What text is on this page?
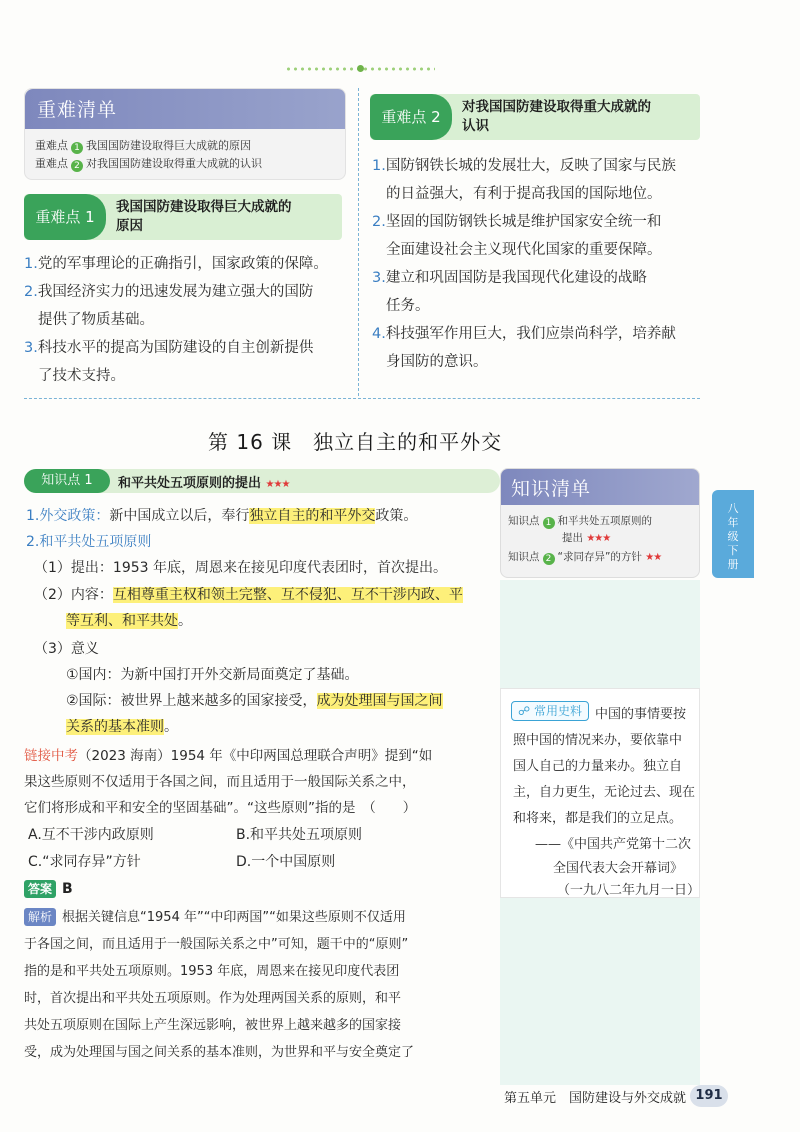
重难清单
重难点 1 我国国防建设取得巨大成就的原因
重难点 2 对我国国防建设取得重大成就的认识
重难点 1
我国国防建设取得巨大成就的
原因
1.党的军事理论的正确指引，国家政策的保障。
2.我国经济实力的迅速发展为建立强大的国防
提供了物质基础。
3.科技水平的提高为国防建设的自主创新提供
了技术支持。
重难点 2
对我国国防建设取得重大成就的
认识
1.国防钢铁长城的发展壮大，反映了国家与民族
的日益强大，有利于提高我国的国际地位。
2.坚固的国防钢铁长城是维护国家安全统一和
全面建设社会主义现代化国家的重要保障。
3.建立和巩固国防是我国现代化建设的战略
任务。
4.科技强军作用巨大，我们应崇尚科学，培养献
身国防的意识。
第 16 课　独立自主的和平外交
知识点 1	和平共处五项原则的提出 ★★★
1.外交政策：新中国成立以后，奉行独立自主的和平外交政策。
2.和平共处五项原则
（1）提出：1953 年底，周恩来在接见印度代表团时，首次提出。
（2）内容：互相尊重主权和领土完整、互不侵犯、互不干涉内政、平
等互利、和平共处。
（3）意义
①国内：为新中国打开外交新局面奠定了基础。
②国际：被世界上越来越多的国家接受，成为处理国与国之间
关系的基本准则。
链接中考（2023 海南）1954 年《中印两国总理联合声明》提到“如
果这些原则不仅适用于各国之间，而且适用于一般国际关系之中，
它们将形成和平和安全的坚固基础”。“这些原则”指的是　（　　）
A.互不干涉内政原则	B.和平共处五项原则
C.“求同存异”方针	D.一个中国原则
答案 B
解析 根据关键信息“1954 年”“中印两国”“如果这些原则不仅适用
于各国之间，而且适用于一般国际关系之中”可知，题干中的“原则”
指的是和平共处五项原则。1953 年底，周恩来在接见印度代表团
时，首次提出和平共处五项原则。作为处理两国关系的原则，和平
共处五项原则在国际上产生深远影响，被世界上越来越多的国家接
受，成为处理国与国之间关系的基本准则，为世界和平与安全奠定了
知识清单
知识点 1 和平共处五项原则的
提出 ★★★
知识点 2 “求同存异”的方针 ★★
八年级下册
☍ 常用史料	中国的事情要按
照中国的情况来办，要依靠中
国人自己的力量来办。独立自
主，自力更生，无论过去、现在
和将来，都是我们的立足点。
——《中国共产党第十二次
全国代表大会开幕词》
（一九八二年九月一日）
第五单元　国防建设与外交成就 191
